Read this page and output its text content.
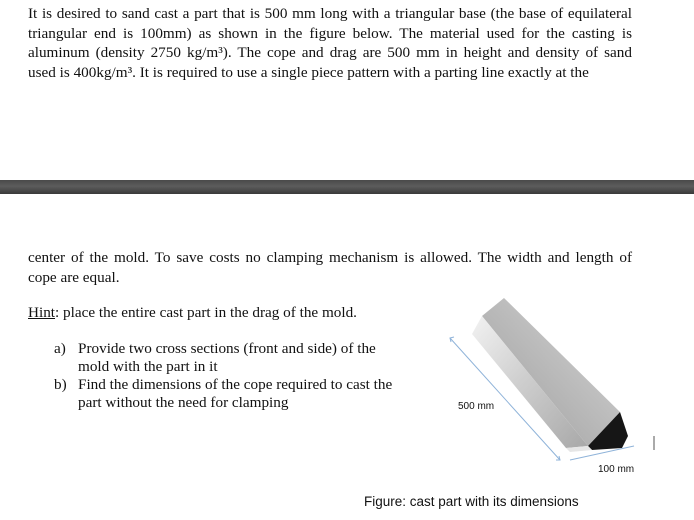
It is desired to sand cast a part that is 500 mm long with a triangular base (the base of equilateral
triangular end is 100mm) as shown in the figure below. The material used for the casting is
aluminum (density 2750 kg/m³). The cope and drag are 500 mm in height and density of sand
used is 400kg/m³. It is required to use a single piece pattern with a parting line exactly at the
center of the mold. To save costs no clamping mechanism is allowed. The width and length of
cope are equal.

Hint: place the entire cast part in the drag of the mold.

a) Provide two cross sections (front and side) of the
mold with the part in it
b) Find the dimensions of the cope required to cast the
part without the need for clamping	500 mm
100 mm

Figure: cast part with its dimensions
